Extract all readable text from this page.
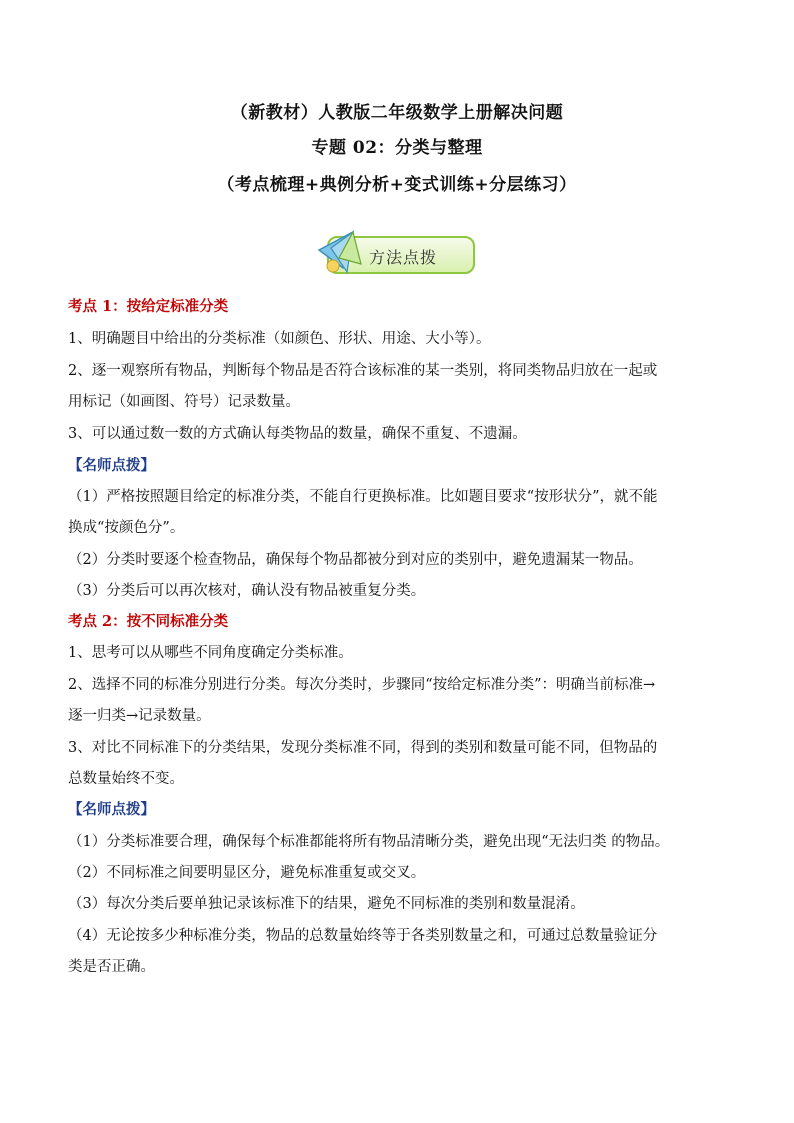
（新教材）人教版二年级数学上册解决问题
专题 02：分类与整理
（考点梳理+典例分析+变式训练+分层练习）
方法点拨
考点 1：按给定标准分类
1、明确题目中给出的分类标准（如颜色、形状、用途、大小等）。
2、逐一观察所有物品，判断每个物品是否符合该标准的某一类别，将同类物品归放在一起或
用标记（如画图、符号）记录数量。
3、可以通过数一数的方式确认每类物品的数量，确保不重复、不遗漏。
【名师点拨】
（1）严格按照题目给定的标准分类，不能自行更换标准。比如题目要求“按形状分”，就不能
换成“按颜色分”。
（2）分类时要逐个检查物品，确保每个物品都被分到对应的类别中，避免遗漏某一物品。
（3）分类后可以再次核对，确认没有物品被重复分类。
考点 2：按不同标准分类
1、思考可以从哪些不同角度确定分类标准。
2、选择不同的标准分别进行分类。每次分类时，步骤同“按给定标准分类”：明确当前标准→
逐一归类→记录数量。
3、对比不同标准下的分类结果，发现分类标准不同，得到的类别和数量可能不同，但物品的
总数量始终不变。
【名师点拨】
（1）分类标准要合理，确保每个标准都能将所有物品清晰分类，避免出现“无法归类 的物品。
（2）不同标准之间要明显区分，避免标准重复或交叉。
（3）每次分类后要单独记录该标准下的结果，避免不同标准的类别和数量混淆。
（4）无论按多少种标准分类，物品的总数量始终等于各类别数量之和，可通过总数量验证分
类是否正确。
